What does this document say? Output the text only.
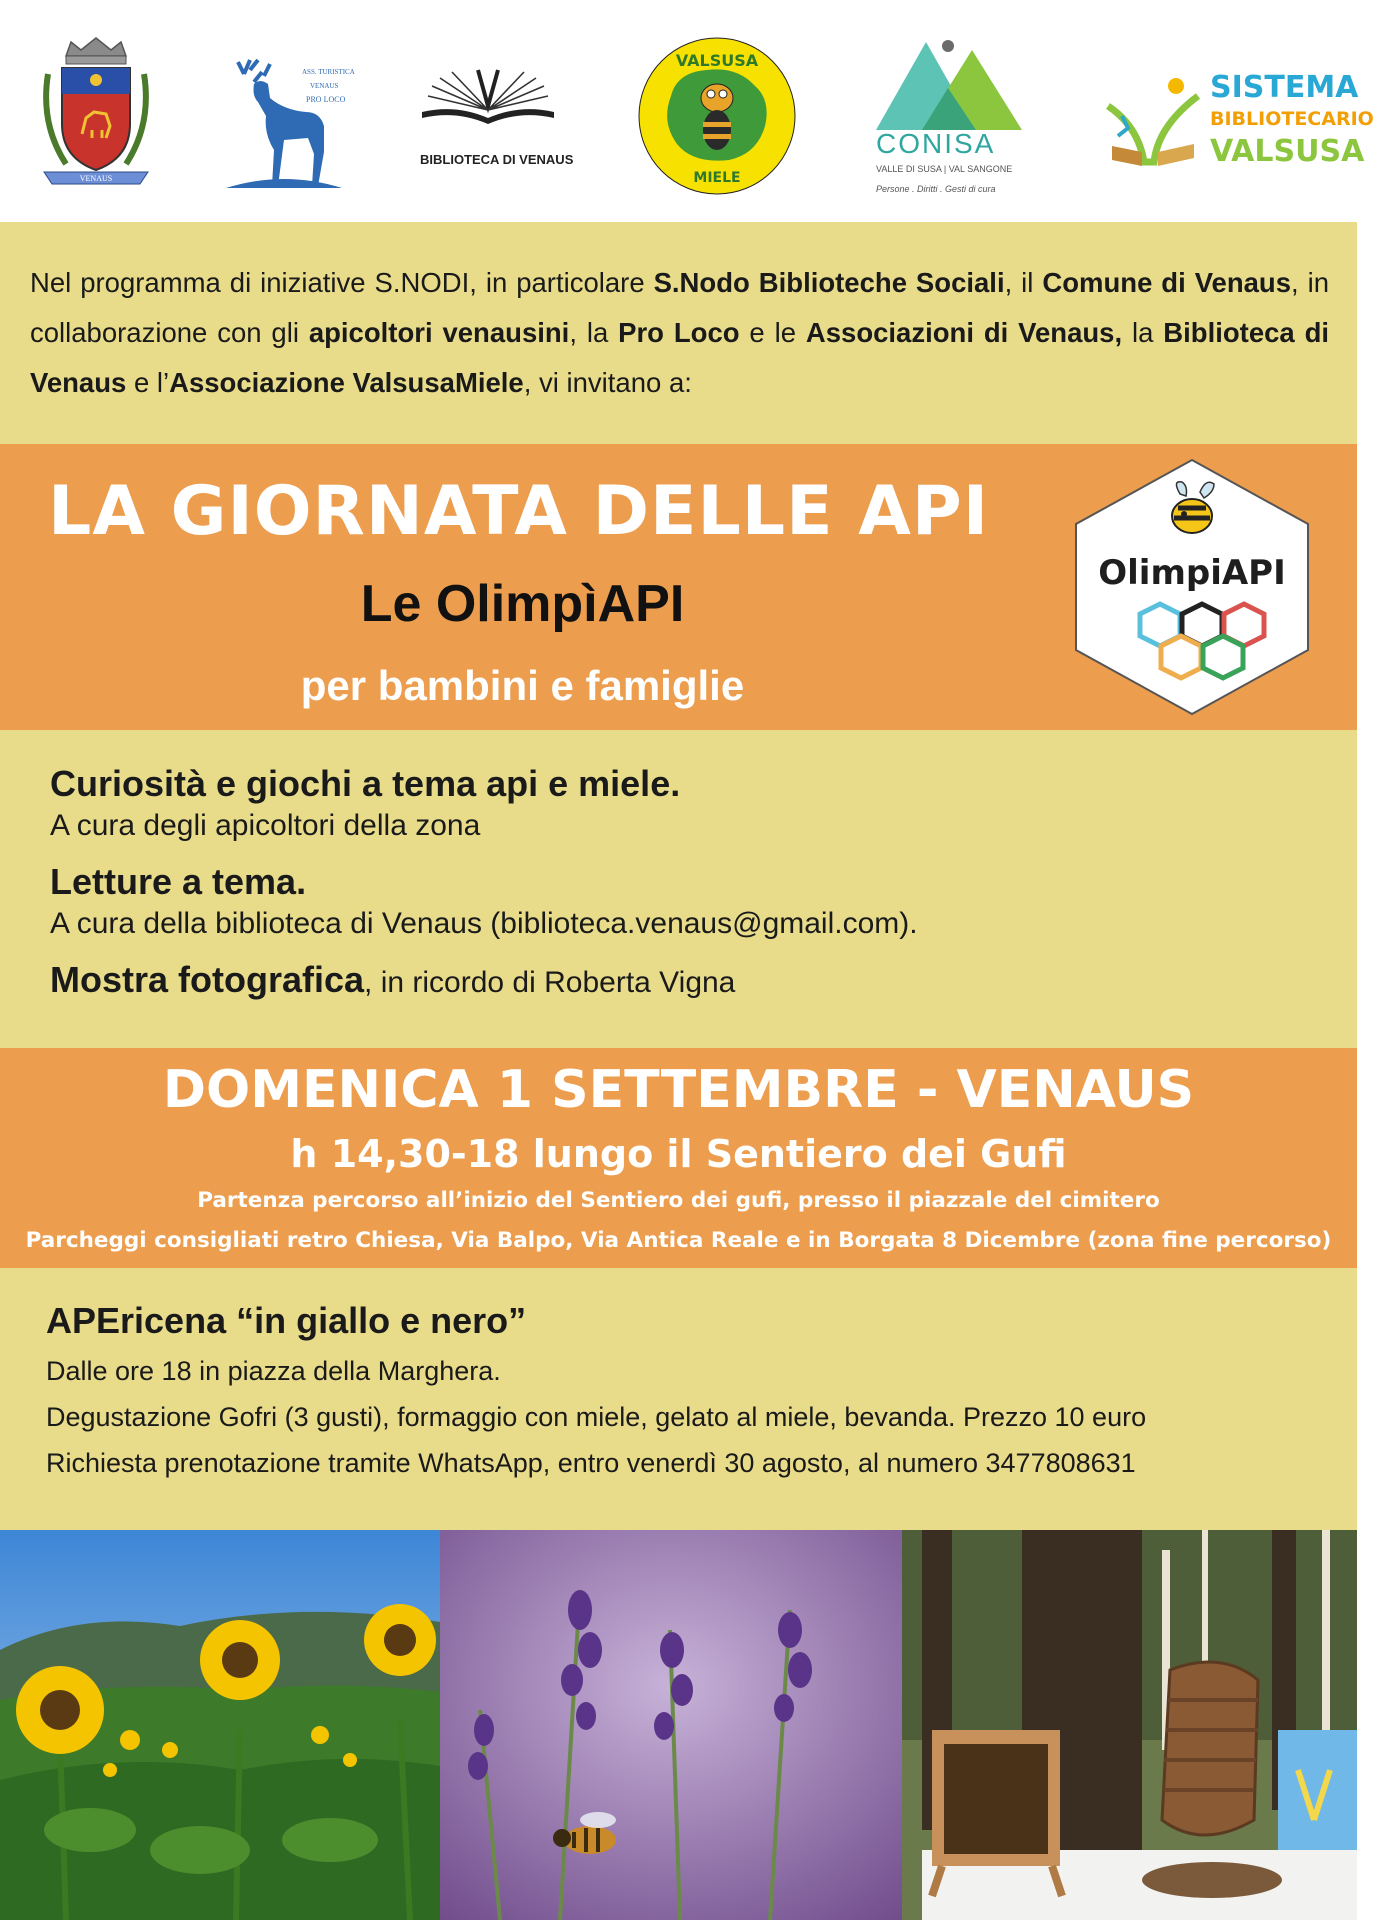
VENAUS
ASS. TURISTICA
VENAUS
PRO LOCO
BIBLIOTECA DI VENAUS
VALSUSA
MIELE
CONISA
VALLE DI SUSA | VAL SANGONE
Persone . Diritti . Gesti di cura
SISTEMA
BIBLIOTECARIO
VALSUSA

Nel programma di iniziative S.NODI, in particolare S.Nodo Biblioteche Sociali, il Comune di Venaus, in collaborazione con gli apicoltori venausini, la Pro Loco e le Associazioni di Venaus, la Biblioteca di Venaus e l’Associazione ValsusaMiele, vi invitano a:

LA GIORNATA DELLE API
Le OlimpìAPI
per bambini e famiglie
OlimpiAPI
Curiosità e giochi a tema api e miele.
A cura degli apicoltori della zona
Letture a tema.
A cura della biblioteca di Venaus (biblioteca.venaus@gmail.com).
Mostra fotografica, in ricordo di Roberta Vigna
DOMENICA 1 SETTEMBRE - VENAUS
h 14,30-18 lungo il Sentiero dei Gufi
Partenza percorso all’inizio del Sentiero dei gufi, presso il piazzale del cimitero
Parcheggi consigliati retro Chiesa, Via Balpo, Via Antica Reale e in Borgata 8 Dicembre (zona fine percorso)
APEricena “in giallo e nero”
Dalle ore 18 in piazza della Marghera.
Degustazione Gofri (3 gusti), formaggio con miele, gelato al miele, bevanda. Prezzo 10 euro
Richiesta prenotazione tramite WhatsApp, entro venerdì 30 agosto, al numero 3477808631
